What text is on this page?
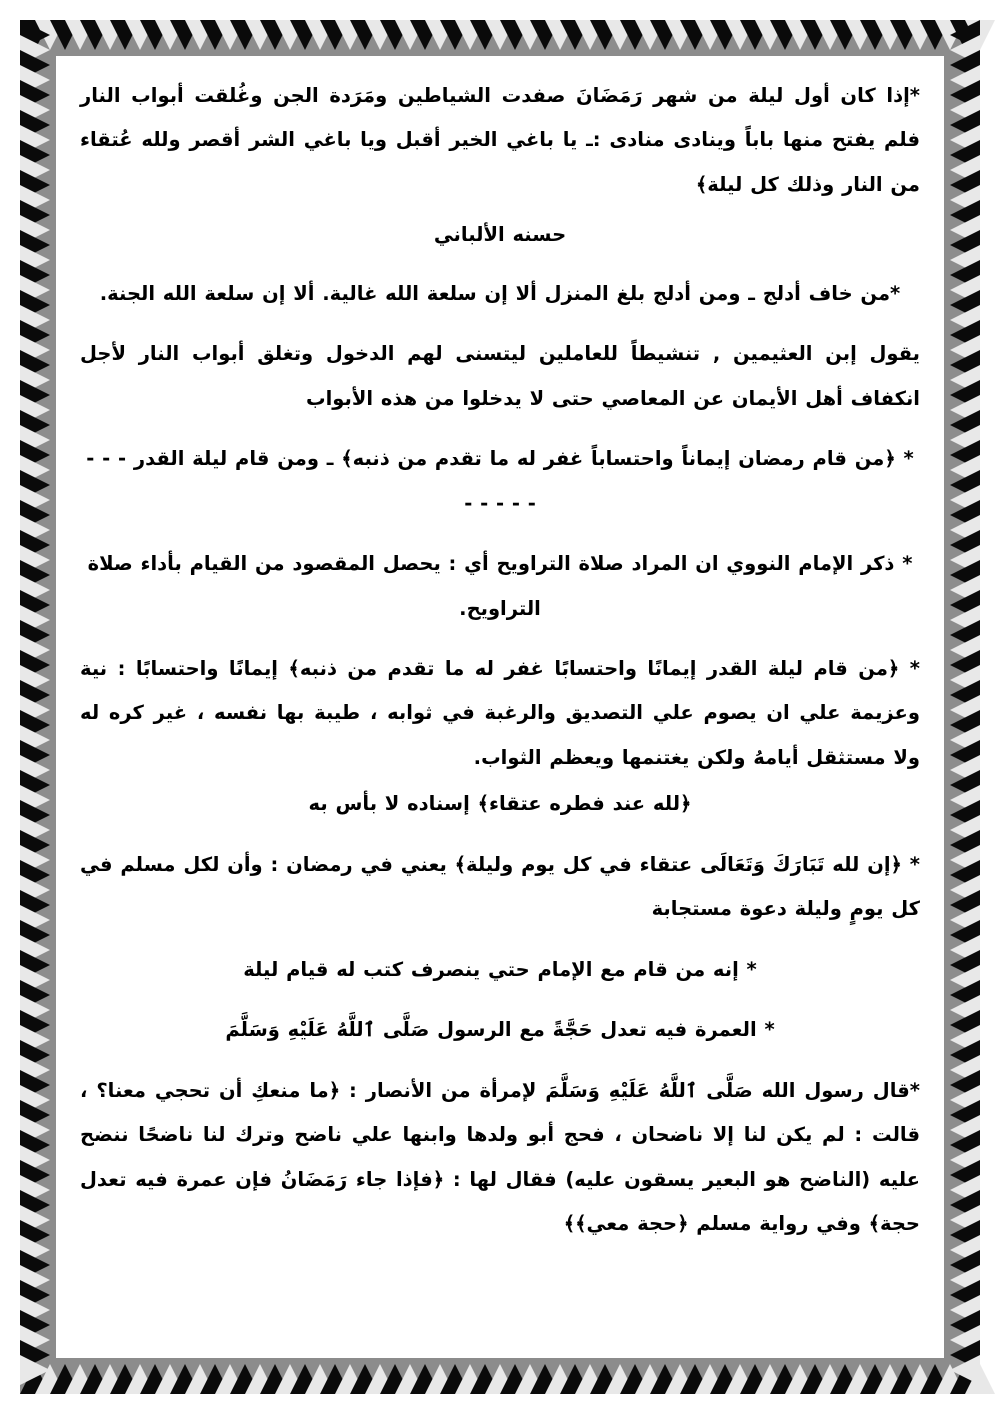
*إذا كان أول ليلة من شهر رَمَضَانَ صفدت الشياطين ومَرَدة الجن وغُلقت أبواب النار فلم يفتح منها باباً وينادى منادى :ـ يا باغي الخير أقبل ويا باغي الشر أقصر ولله عُتقاء من النار وذلك كل ليلة﴾

حسنه الألباني

*من خاف أدلج ـ ومن أدلج بلغ المنزل ألا إن سلعة الله غالية. ألا إن سلعة الله الجنة.

يقول إبن العثيمين , تنشيطاً للعاملين ليتسنى لهم الدخول وتغلق أبواب النار لأجل انكفاف أهل الأيمان عن المعاصي حتى لا يدخلوا من هذه الأبواب

* ﴿من قام رمضان إيماناً واحتساباً غفر له ما تقدم من ذنبه﴾ ـ ومن قام ليلة القدر - - - - - - - -

* ذكر الإمام النووي ان المراد صلاة التراويح أي : يحصل المقصود من القيام بأداء صلاة التراويح.

* ﴿من قام ليلة القدر إيمانًا واحتسابًا غفر له ما تقدم من ذنبه﴾ إيمانًا واحتسابًا : نية وعزيمة علي ان يصوم علي التصديق والرغبة في ثوابه ، طيبة بها نفسه ، غير كره له ولا مستثقل أيامهُ ولكن يغتنمها ويعظم الثواب.

﴿لله عند فطره عتقاء﴾ إسناده لا بأس به

* ﴿إن لله تَبَارَكَ وَتَعَالَى عتقاء في كل يوم وليلة﴾ يعني في رمضان : وأن لكل مسلم في كل يومٍ وليلة دعوة مستجابة

* إنه من قام مع الإمام حتي ينصرف كتب له قيام ليلة

* العمرة فيه تعدل حَجَّةً مع الرسول صَلَّى ٱللَّهُ عَلَيْهِ وَسَلَّمَ

*قال رسول الله صَلَّى ٱللَّهُ عَلَيْهِ وَسَلَّمَ لإمرأة من الأنصار : ﴿ما منعكِ أن تحجي معنا؟ ، قالت : لم يكن لنا إلا ناضحان ، فحج أبو ولدها وابنها علي ناضح وترك لنا ناضحًا ننضح عليه (الناضح هو البعير يسقون عليه) فقال لها : ﴿فإذا جاء رَمَضَانُ فإن عمرة فيه تعدل حجة﴾ وفي رواية مسلم ﴿حجة معي﴾﴾
